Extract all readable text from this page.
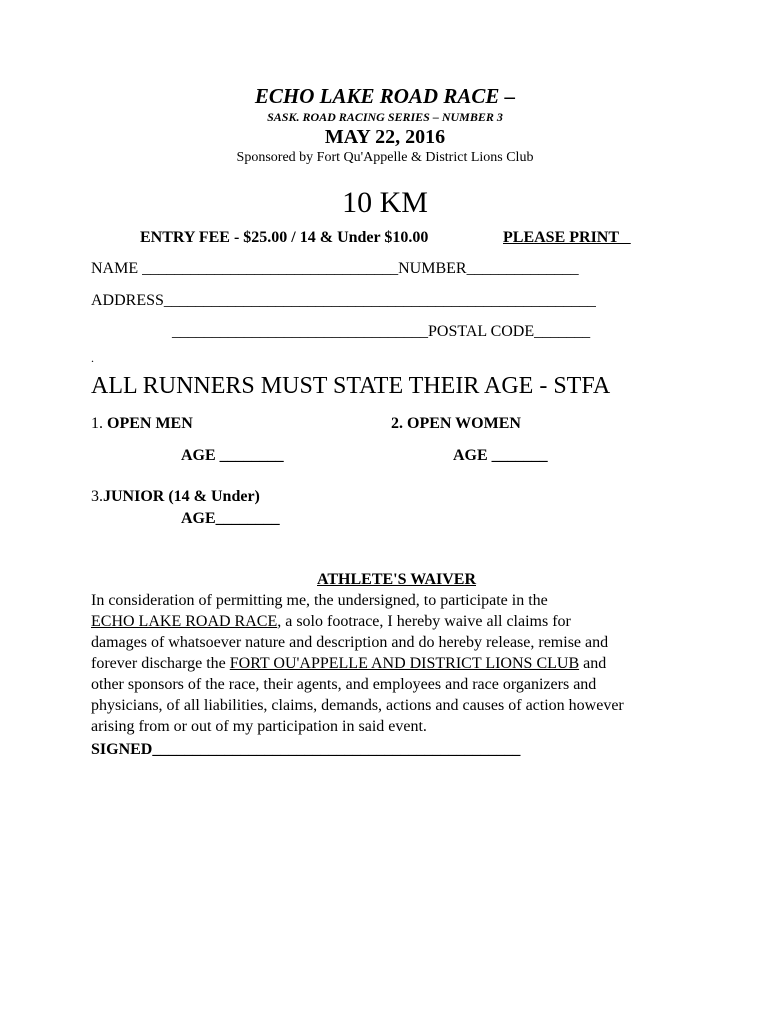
ECHO LAKE ROAD RACE –
SASK. ROAD RACING SERIES – NUMBER 3
MAY 22, 2016
Sponsored by Fort Qu'Appelle & District Lions Club
10 KM
ENTRY FEE - $25.00 / 14 & Under $10.00	PLEASE PRINT
NAME ________________________________NUMBER______________
ADDRESS______________________________________________________
________________________________POSTAL CODE_______
.
ALL RUNNERS MUST STATE THEIR AGE - STFA
1. OPEN MEN	2. OPEN WOMEN
AGE ________	AGE _______
3.JUNIOR (14 & Under)
AGE________
ATHLETE'S WAIVER
In consideration of permitting me, the undersigned, to participate in the
ECHO LAKE ROAD RACE, a solo footrace, I hereby waive all claims for
damages of whatsoever nature and description and do hereby release, remise and
forever discharge the FORT OU'APPELLE AND DISTRICT LIONS CLUB and
other sponsors of the race, their agents, and employees and race organizers and
physicians, of all liabilities, claims, demands, actions and causes of action however
arising from or out of my participation in said event.
SIGNED______________________________________________
